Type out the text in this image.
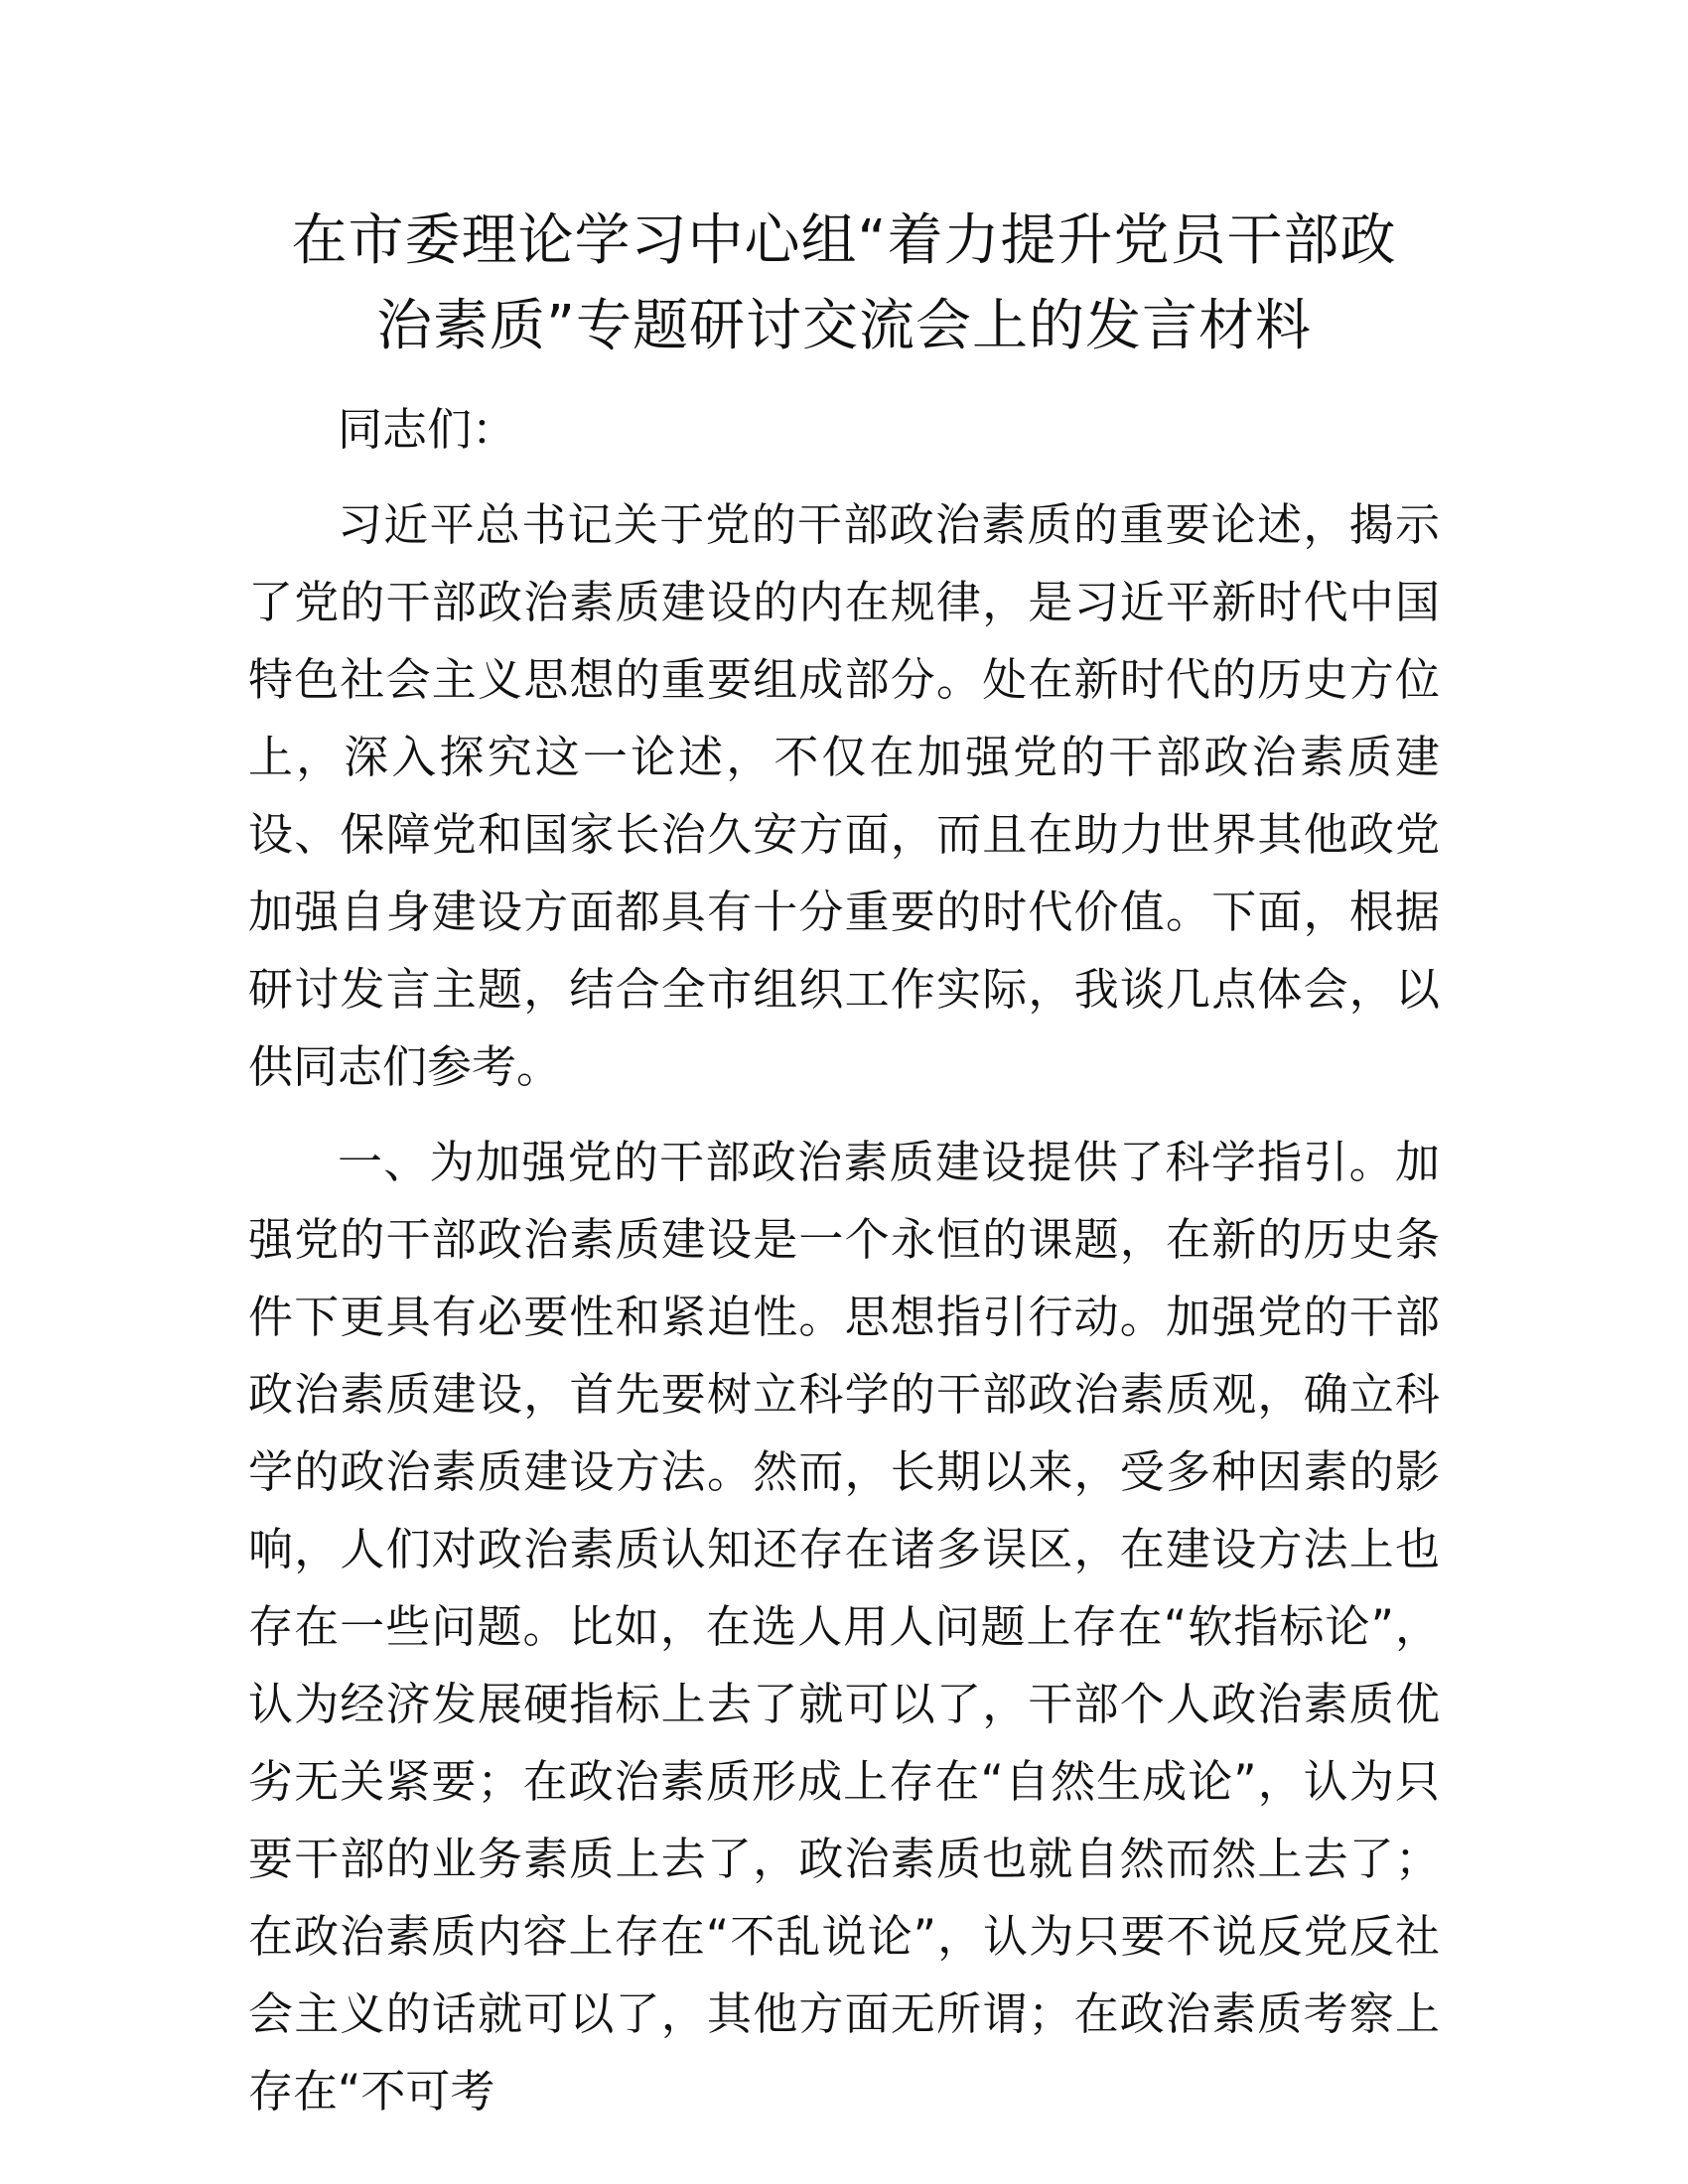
在市委理论学习中心组“着力提升党员干部政
治素质”专题研讨交流会上的发言材料

同志们：

习近平总书记关于党的干部政治素质的重要论述，揭示了党的干部政治素质建设的内在规律，是习近平新时代中国特色社会主义思想的重要组成部分。处在新时代的历史方位上，深入探究这一论述，不仅在加强党的干部政治素质建设、保障党和国家长治久安方面，而且在助力世界其他政党加强自身建设方面都具有十分重要的时代价值。下面，根据研讨发言主题，结合全市组织工作实际，我谈几点体会，以供同志们参考。

一、为加强党的干部政治素质建设提供了科学指引。加强党的干部政治素质建设是一个永恒的课题，在新的历史条件下更具有必要性和紧迫性。思想指引行动。加强党的干部政治素质建设，首先要树立科学的干部政治素质观，确立科学的政治素质建设方法。然而，长期以来，受多种因素的影响，人们对政治素质认知还存在诸多误区，在建设方法上也存在一些问题。比如，在选人用人问题上存在“软指标论”，认为经济发展硬指标上去了就可以了，干部个人政治素质优劣无关紧要；在政治素质形成上存在“自然生成论”，认为只要干部的业务素质上去了，政治素质也就自然而然上去了；在政治素质内容上存在“不乱说论”，认为只要不说反党反社会主义的话就可以了，其他方面无所谓；在政治素质考察上存在“不可考
